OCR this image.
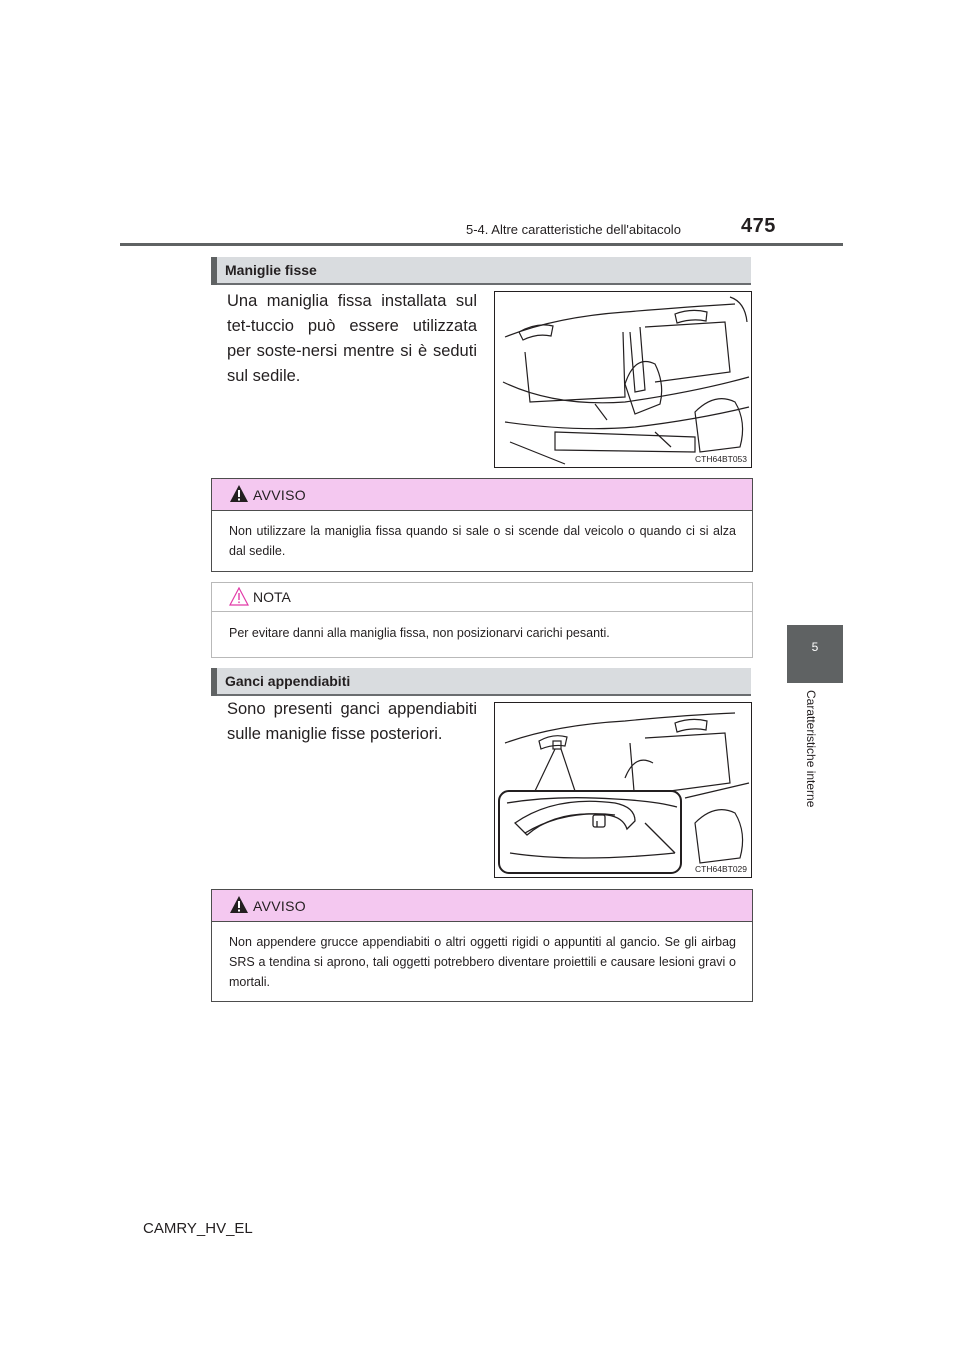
5-4. Altre caratteristiche dell'abitacolo	475
5
Caratteristiche interne
Maniglie fisse
Una maniglia fissa installata sul tet-tuccio può essere utilizzata per soste-nersi mentre si è seduti sul sedile.
CTH64BT053
AVVISO
Non utilizzare la maniglia fissa quando si sale o si scende dal veicolo o quando ci si alza dal sedile.
NOTA
Per evitare danni alla maniglia fissa, non posizionarvi carichi pesanti.
Ganci appendiabiti
Sono presenti ganci appendiabiti sulle maniglie fisse posteriori.
CTH64BT029
AVVISO
Non appendere grucce appendiabiti o altri oggetti rigidi o appuntiti al gancio. Se gli airbag SRS a tendina si aprono, tali oggetti potrebbero diventare proiettili e causare lesioni gravi o mortali.
CAMRY_HV_EL
